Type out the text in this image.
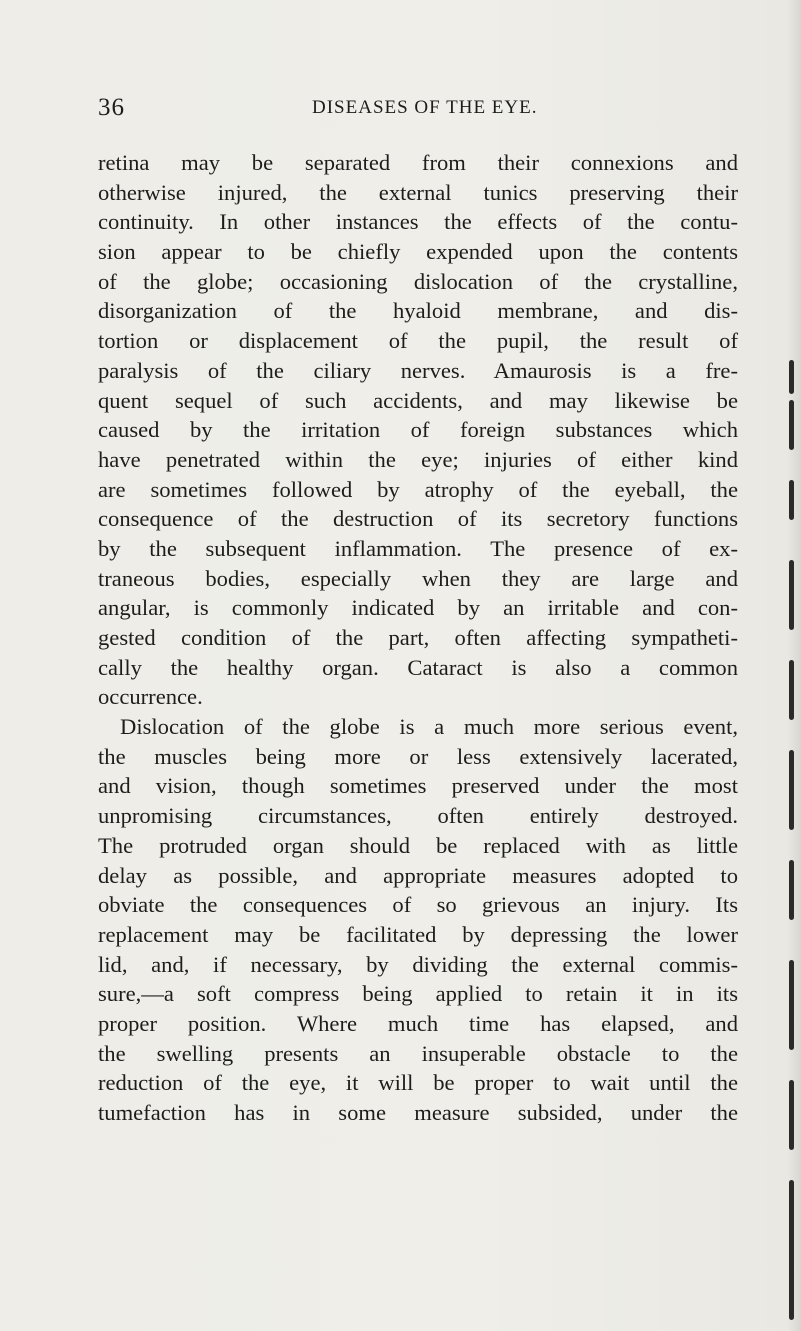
36	DISEASES OF THE EYE.
retina may be separated from their connexions and
otherwise injured, the external tunics preserving their
continuity. In other instances the effects of the contu-
sion appear to be chiefly expended upon the contents
of the globe; occasioning dislocation of the crystalline,
disorganization of the hyaloid membrane, and dis-
tortion or displacement of the pupil, the result of
paralysis of the ciliary nerves. Amaurosis is a fre-
quent sequel of such accidents, and may likewise be
caused by the irritation of foreign substances which
have penetrated within the eye; injuries of either kind
are sometimes followed by atrophy of the eyeball, the
consequence of the destruction of its secretory functions
by the subsequent inflammation. The presence of ex-
traneous bodies, especially when they are large and
angular, is commonly indicated by an irritable and con-
gested condition of the part, often affecting sympatheti-
cally the healthy organ. Cataract is also a common
occurrence.
Dislocation of the globe is a much more serious event,
the muscles being more or less extensively lacerated,
and vision, though sometimes preserved under the most
unpromising circumstances, often entirely destroyed.
The protruded organ should be replaced with as little
delay as possible, and appropriate measures adopted to
obviate the consequences of so grievous an injury. Its
replacement may be facilitated by depressing the lower
lid, and, if necessary, by dividing the external commis-
sure,—a soft compress being applied to retain it in its
proper position. Where much time has elapsed, and
the swelling presents an insuperable obstacle to the
reduction of the eye, it will be proper to wait until the
tumefaction has in some measure subsided, under the
